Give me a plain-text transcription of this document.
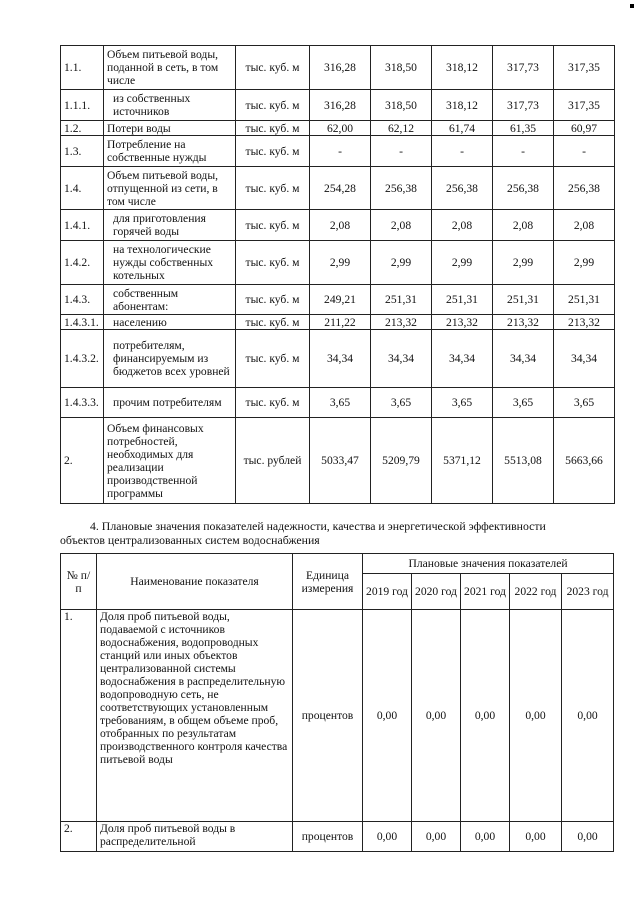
1.1.	Объем питьевой воды, поданной в сеть, в том числе	тыс. куб. м	316,28	318,50	318,12	317,73	317,35
1.1.1.	из собственных источников	тыс. куб. м	316,28	318,50	318,12	317,73	317,35
1.2.	Потери воды	тыс. куб. м	62,00	62,12	61,74	61,35	60,97
1.3.	Потребление на собственные нужды	тыс. куб. м	-	-	-	-	-
1.4.	Объем питьевой воды, отпущенной из сети, в том числе	тыс. куб. м	254,28	256,38	256,38	256,38	256,38
1.4.1.	для приготовления горячей воды	тыс. куб. м	2,08	2,08	2,08	2,08	2,08
1.4.2.	на технологические нужды собственных котельных	тыс. куб. м	2,99	2,99	2,99	2,99	2,99
1.4.3.	собственным абонентам:	тыс. куб. м	249,21	251,31	251,31	251,31	251,31
1.4.3.1.	населению	тыс. куб. м	211,22	213,32	213,32	213,32	213,32
1.4.3.2.	потребителям, финансируемым из бюджетов всех уровней	тыс. куб. м	34,34	34,34	34,34	34,34	34,34
1.4.3.3.	прочим потребителям	тыс. куб. м	3,65	3,65	3,65	3,65	3,65
2.	Объем финансовых потребностей, необходимых для реализации производственной программы	тыс. рублей	5033,47	5209,79	5371,12	5513,08	5663,66
4. Плановые значения показателей надежности, качества и энергетической эффективности
объектов централизованных систем водоснабжения
№ п/п	Наименование показателя	Единица измерения	Плановые значения показателей				
			2019 год	2020 год	2021 год	2022 год	2023 год
1.	Доля проб питьевой воды, подаваемой с источников водоснабжения, водопроводных станций или иных объектов централизованной системы водоснабжения в распределительную водопроводную сеть, не соответствующих установленным требованиям, в общем объеме проб, отобранных по результатам производственного контроля качества питьевой воды	процентов	0,00	0,00	0,00	0,00	0,00
2.	Доля проб питьевой воды в распределительной	процентов	0,00	0,00	0,00	0,00	0,00
